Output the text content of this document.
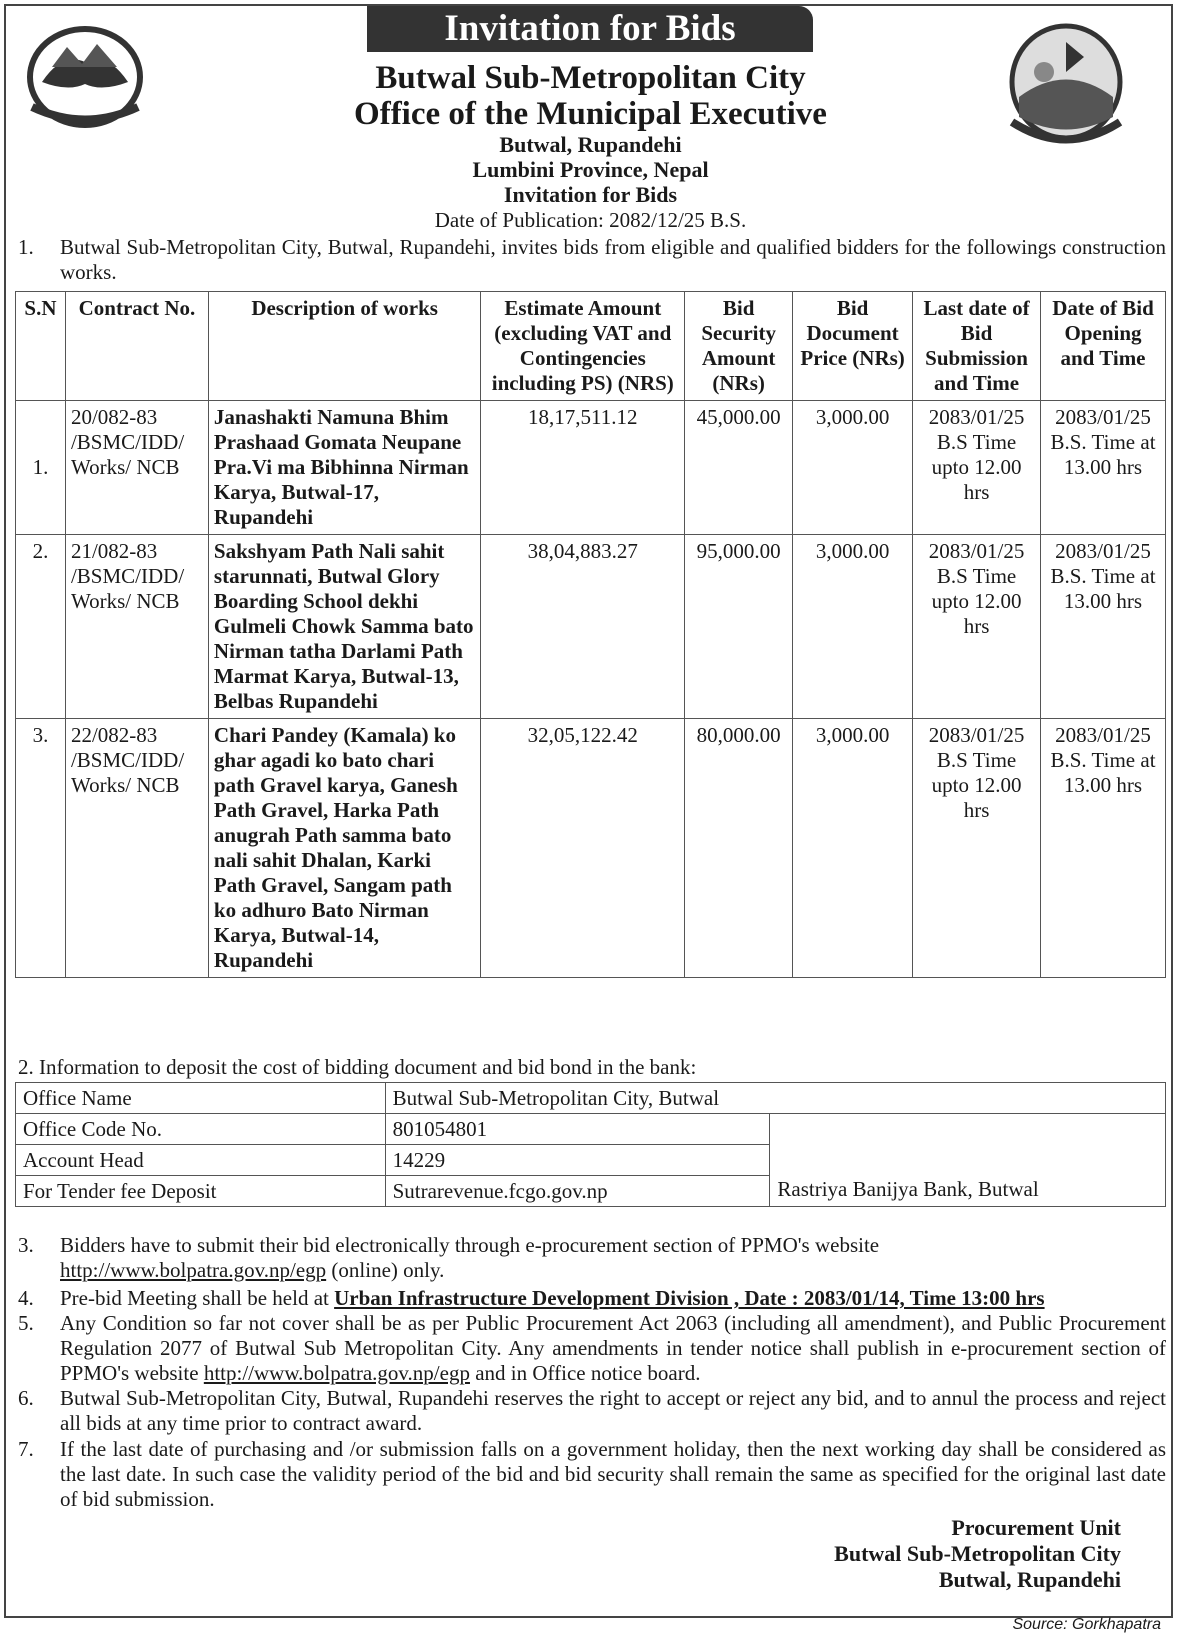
Invitation for Bids
Butwal Sub-Metropolitan City
Office of the Municipal Executive
Butwal, Rupandehi
Lumbini Province, Nepal
Invitation for Bids
Date of Publication: 2082/12/25 B.S.
1. Butwal Sub-Metropolitan City, Butwal, Rupandehi, invites bids from eligible and qualified bidders for the followings construction works.
S.N	Contract No.	Description of works	Estimate Amount (excluding VAT and Contingencies including PS) (NRS)	Bid Security Amount (NRs)	Bid Document Price (NRs)	Last date of Bid Submission and Time	Date of Bid Opening and Time
1.	20/082-83 /BSMC/IDD/ Works/ NCB	Janashakti Namuna Bhim Prashaad Gomata Neupane Pra.Vi ma Bibhinna Nirman Karya, Butwal-17, Rupandehi	18,17,511.12	45,000.00	3,000.00	2083/01/25 B.S Time upto 12.00 hrs	2083/01/25 B.S. Time at 13.00 hrs
2.	21/082-83 /BSMC/IDD/ Works/ NCB	Sakshyam Path Nali sahit starunnati, Butwal Glory Boarding School dekhi Gulmeli Chowk Samma bato Nirman tatha Darlami Path Marmat Karya, Butwal-13, Belbas Rupandehi	38,04,883.27	95,000.00	3,000.00	2083/01/25 B.S Time upto 12.00 hrs	2083/01/25 B.S. Time at 13.00 hrs
3.	22/082-83 /BSMC/IDD/ Works/ NCB	Chari Pandey (Kamala) ko ghar agadi ko bato chari path Gravel karya, Ganesh Path Gravel, Harka Path anugrah Path samma bato nali sahit Dhalan, Karki Path Gravel, Sangam path ko adhuro Bato Nirman Karya, Butwal-14, Rupandehi	32,05,122.42	80,000.00	3,000.00	2083/01/25 B.S Time upto 12.00 hrs	2083/01/25 B.S. Time at 13.00 hrs
2. Information to deposit the cost of bidding document and bid bond in the bank:
Office Name	Butwal Sub-Metropolitan City, Butwal	
Office Code No.	801054801	Rastriya Banijya Bank, Butwal
Account Head	14229	
For Tender fee Deposit	Sutrarevenue.fcgo.gov.np	
3. Bidders have to submit their bid electronically through e-procurement section of PPMO's website http://www.bolpatra.gov.np/egp (online) only.
4. Pre-bid Meeting shall be held at Urban Infrastructure Development Division , Date : 2083/01/14, Time 13:00 hrs
5. Any Condition so far not cover shall be as per Public Procurement Act 2063 (including all amendment), and Public Procurement Regulation 2077 of Butwal Sub Metropolitan City. Any amendments in tender notice shall publish in e-procurement section of PPMO's website http://www.bolpatra.gov.np/egp and in Office notice board.
6. Butwal Sub-Metropolitan City, Butwal, Rupandehi reserves the right to accept or reject any bid, and to annul the process and reject all bids at any time prior to contract award.
7. If the last date of purchasing and /or submission falls on a government holiday, then the next working day shall be considered as the last date. In such case the validity period of the bid and bid security shall remain the same as specified for the original last date of bid submission.
Procurement Unit
Butwal Sub-Metropolitan City
Butwal, Rupandehi
Source: Gorkhapatra
